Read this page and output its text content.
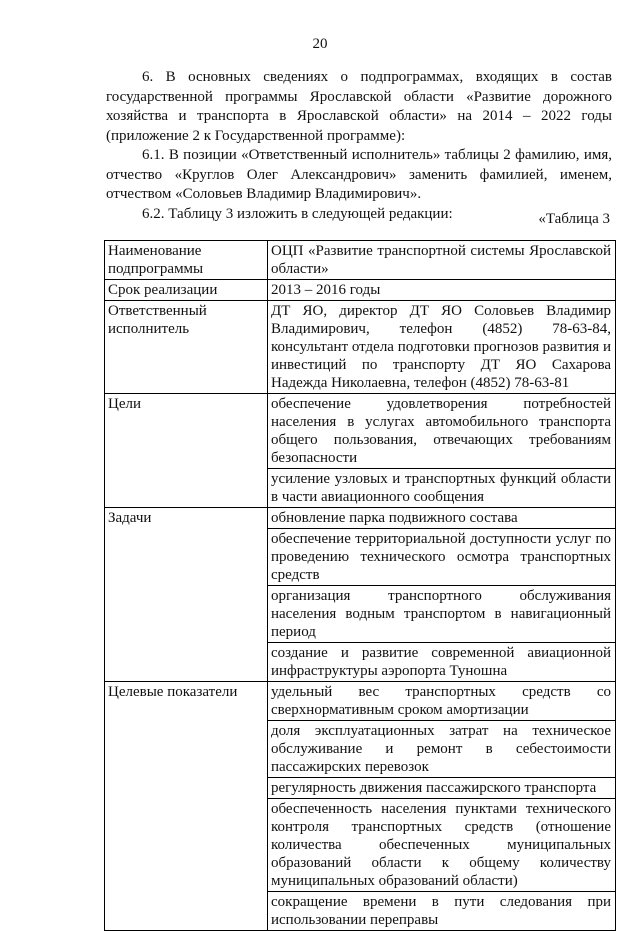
20

6. В основных сведениях о подпрограммах, входящих в состав государственной программы Ярославской области «Развитие дорожного хозяйства и транспорта в Ярославской области» на 2014 – 2022 годы (приложение 2 к Государственной программе):

6.1. В позиции «Ответственный исполнитель» таблицы 2 фамилию, имя, отчество «Круглов Олег Александрович» заменить фамилией, именем, отчеством «Соловьев Владимир Владимирович».

6.2. Таблицу 3 изложить в следующей редакции:	«Таблица 3
Наименование подпрограммы	ОЦП «Развитие транспортной системы Ярославской области»
Срок реализации	2013 – 2016 годы
Ответственный исполнитель	ДТ ЯО, директор ДТ ЯО Соловьев Владимир Владимирович, телефон (4852) 78-63-84, консультант отдела подготовки прогнозов развития и инвестиций по транспорту ДТ ЯО Сахарова Надежда Николаевна, телефон (4852) 78-63-81
Цели	обеспечение удовлетворения потребностей населения в услугах автомобильного транспорта общего пользования, отвечающих требованиям безопасности
	усиление узловых и транспортных функций области в части авиационного сообщения
Задачи	обновление парка подвижного состава
	обеспечение территориальной доступности услуг по проведению технического осмотра транспортных средств
	организация транспортного обслуживания населения водным транспортом в навигационный период
	создание и развитие современной авиационной инфраструктуры аэропорта Туношна
Целевые показатели	удельный вес транспортных средств со сверхнормативным сроком амортизации
	доля эксплуатационных затрат на техническое обслуживание и ремонт в себестоимости пассажирских перевозок
	регулярность движения пассажирского транспорта
	обеспеченность населения пунктами технического контроля транспортных средств (отношение количества обеспеченных муниципальных образований области к общему количеству муниципальных образований области)
	сокращение времени в пути следования при использовании переправы
